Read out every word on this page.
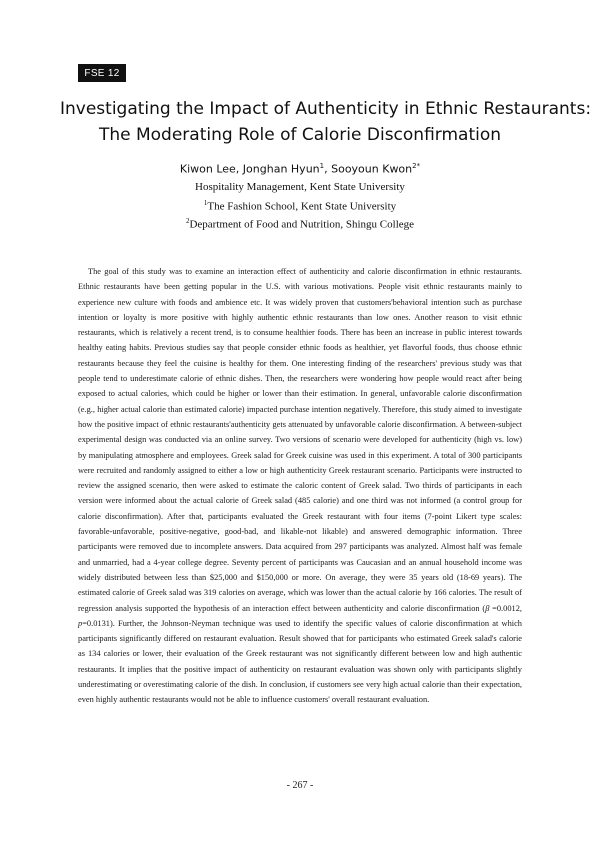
FSE 12
Investigating the Impact of Authenticity in Ethnic Restaurants:
The Moderating Role of Calorie Disconfirmation
Kiwon Lee, Jonghan Hyun$^1$, Sooyoun Kwon$^{2*}$
Hospitality Management, Kent State University
$^1$The Fashion School, Kent State University
$^2$Department of Food and Nutrition, Shingu College

The goal of this study was to examine an interaction effect of authenticity and calorie disconfirmation in ethnic restaurants. Ethnic restaurants have been getting popular in the U.S. with various motivations. People visit ethnic restaurants mainly to experience new culture with foods and ambience etc. It was widely proven that customers'behavioral intention such as purchase intention or loyalty is more positive with highly authentic ethnic restaurants than low ones. Another reason to visit ethnic restaurants, which is relatively a recent trend, is to consume healthier foods. There has been an increase in public interest towards healthy eating habits. Previous studies say that people consider ethnic foods as healthier, yet flavorful foods, thus choose ethnic restaurants because they feel the cuisine is healthy for them. One interesting finding of the researchers' previous study was that people tend to underestimate calorie of ethnic dishes. Then, the researchers were wondering how people would react after being exposed to actual calories, which could be higher or lower than their estimation. In general, unfavorable calorie disconfirmation (e.g., higher actual calorie than estimated calorie) impacted purchase intention negatively. Therefore, this study aimed to investigate how the positive impact of ethnic restaurants'authenticity gets attenuated by unfavorable calorie disconfirmation. A between-subject experimental design was conducted via an online survey. Two versions of scenario were developed for authenticity (high vs. low) by manipulating atmosphere and employees. Greek salad for Greek cuisine was used in this experiment. A total of 300 participants were recruited and randomly assigned to either a low or high authenticity Greek restaurant scenario. Participants were instructed to review the assigned scenario, then were asked to estimate the caloric content of Greek salad. Two thirds of participants in each version were informed about the actual calorie of Greek salad (485 calorie) and one third was not informed (a control group for calorie disconfirmation). After that, participants evaluated the Greek restaurant with four items (7-point Likert type scales: favorable-unfavorable, positive-negative, good-bad, and likable-not likable) and answered demographic information. Three participants were removed due to incomplete answers. Data acquired from 297 participants was analyzed. Almost half was female and unmarried, had a 4-year college degree. Seventy percent of participants was Caucasian and an annual household income was widely distributed between less than $25,000 and $150,000 or more. On average, they were 35 years old (18-69 years). The estimated calorie of Greek salad was 319 calories on average, which was lower than the actual calorie by 166 calories. The result of regression analysis supported the hypothesis of an interaction effect between authenticity and calorie disconfirmation (β =0.0012, p=0.0131). Further, the Johnson-Neyman technique was used to identify the specific values of calorie disconfirmation at which participants significantly differed on restaurant evaluation. Result showed that for participants who estimated Greek salad's calorie as 134 calories or lower, their evaluation of the Greek restaurant was not significantly different between low and high authentic restaurants. It implies that the positive impact of authenticity on restaurant evaluation was shown only with participants slightly underestimating or overestimating calorie of the dish. In conclusion, if customers see very high actual calorie than their expectation, even highly authentic restaurants would not be able to influence customers' overall restaurant evaluation.

- 267 -
